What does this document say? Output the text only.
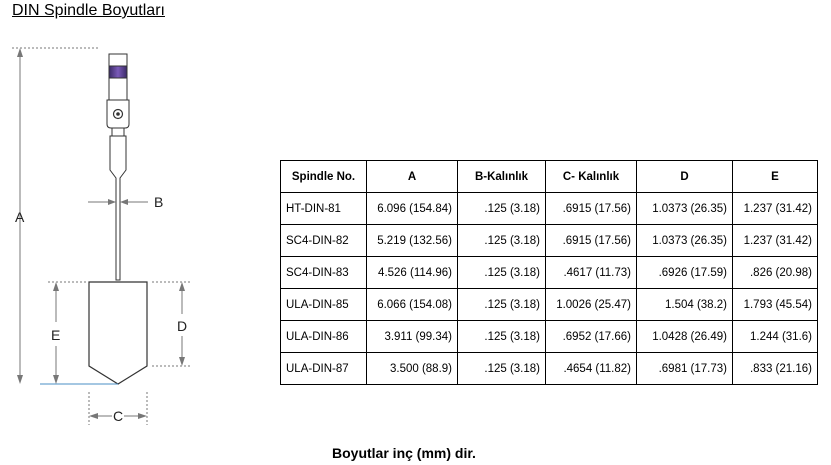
DIN Spindle Boyutları
A
B
C
D
E
Spindle No.	A	B-Kalınlık	C- Kalınlık	D	E
HT-DIN-81	6.096 (154.84)	.125 (3.18)	.6915 (17.56)	1.0373 (26.35)	1.237 (31.42)
SC4-DIN-82	5.219 (132.56)	.125 (3.18)	.6915 (17.56)	1.0373 (26.35)	1.237 (31.42)
SC4-DIN-83	4.526 (114.96)	.125 (3.18)	.4617 (11.73)	.6926 (17.59)	.826 (20.98)
ULA-DIN-85	6.066 (154.08)	.125 (3.18)	1.0026 (25.47)	1.504 (38.2)	1.793 (45.54)
ULA-DIN-86	3.911 (99.34)	.125 (3.18)	.6952 (17.66)	1.0428 (26.49)	1.244 (31.6)
ULA-DIN-87	3.500 (88.9)	.125 (3.18)	.4654 (11.82)	.6981 (17.73)	.833 (21.16)
Boyutlar inç (mm) dir.
